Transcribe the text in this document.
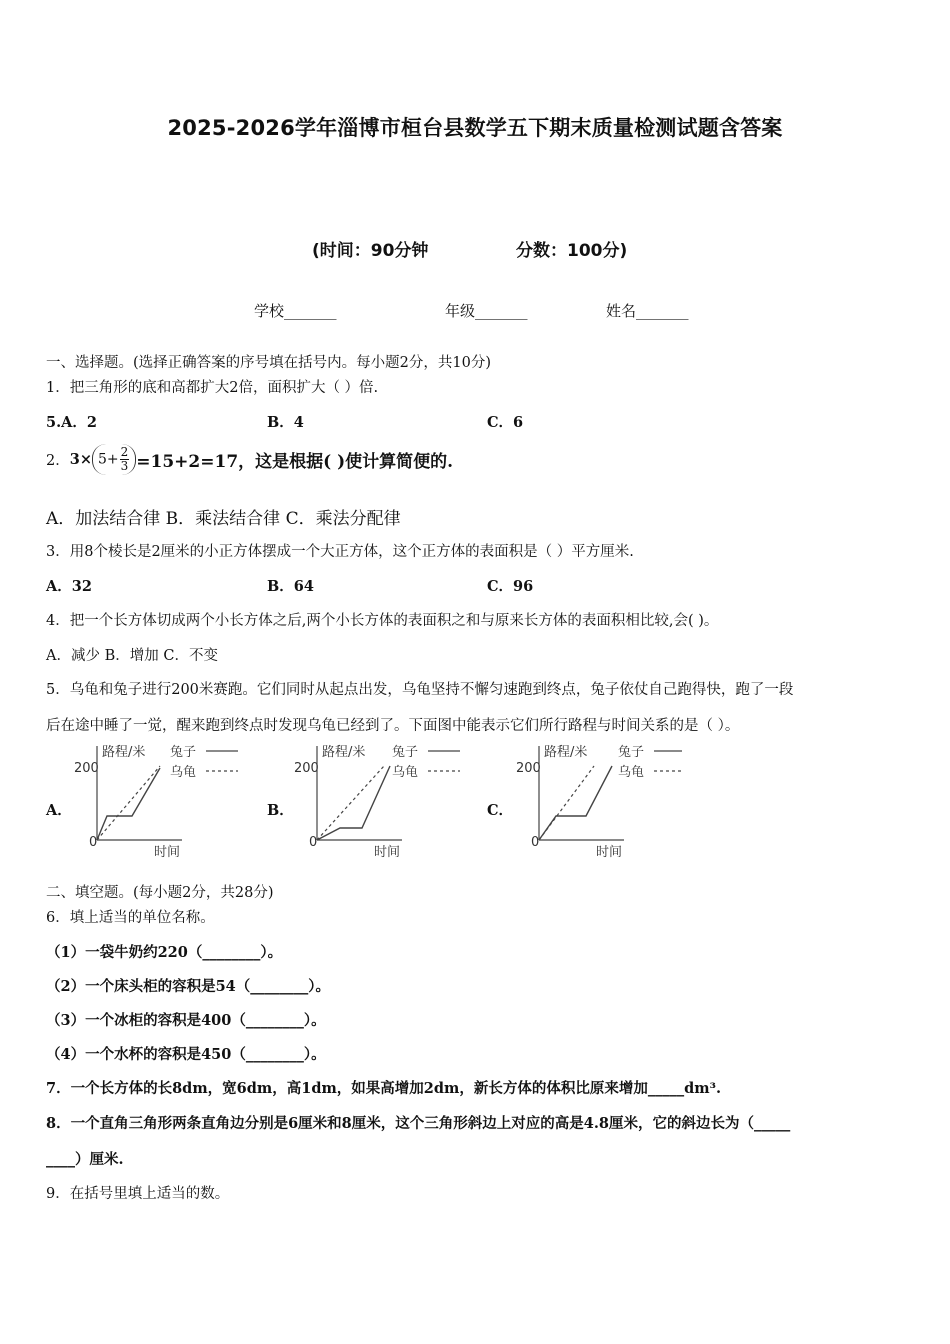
2025-2026学年淄博市桓台县数学五下期末质量检测试题含答案
(时间：90分钟	分数：100分)
学校_______	年级_______	姓名_______
一、选择题。(选择正确答案的序号填在括号内。每小题2分，共10分)
1．把三角形的底和高都扩大2倍，面积扩大（ ）倍.
5.A．2	B．4	C．6
2． $3\times 5+ \frac{2}{3} =15+2=17$，这是根据( )使计算简便的.
A．加法结合律 B．乘法结合律 C．乘法分配律
3．用8个棱长是2厘米的小正方体摆成一个大正方体，这个正方体的表面积是（ ）平方厘米.
A．32	B．64	C．96
4．把一个长方体切成两个小长方体之后,两个小长方体的表面积之和与原来长方体的表面积相比较,会( )。
A．减少 B．增加 C．不变
5．乌龟和兔子进行200米赛跑。它们同时从起点出发，乌龟坚持不懈匀速跑到终点，兔子依仗自己跑得快，跑了一段
后在途中睡了一觉，醒来跑到终点时发现乌龟已经到了。下面图中能表示它们所行路程与时间关系的是（ ）。
A．	B．	C．
路程/米 兔子
乌龟
200
0
时间
路程/米 兔子
乌龟
200
0
时间
路程/米 兔子
乌龟
200
0
时间
二、填空题。(每小题2分，共28分)
6．填上适当的单位名称。
（1）一袋牛奶约220（________）。
（2）一个床头柜的容积是54（________）。
（3）一个冰柜的容积是400（________）。
（4）一个水杯的容积是450（________）。
7．一个长方体的长8dm，宽6dm，高1dm，如果高增加2dm，新长方体的体积比原来增加_____dm³.
8．一个直角三角形两条直角边分别是6厘米和8厘米，这个三角形斜边上对应的高是4.8厘米，它的斜边长为（_____
____）厘米.
9．在括号里填上适当的数。
